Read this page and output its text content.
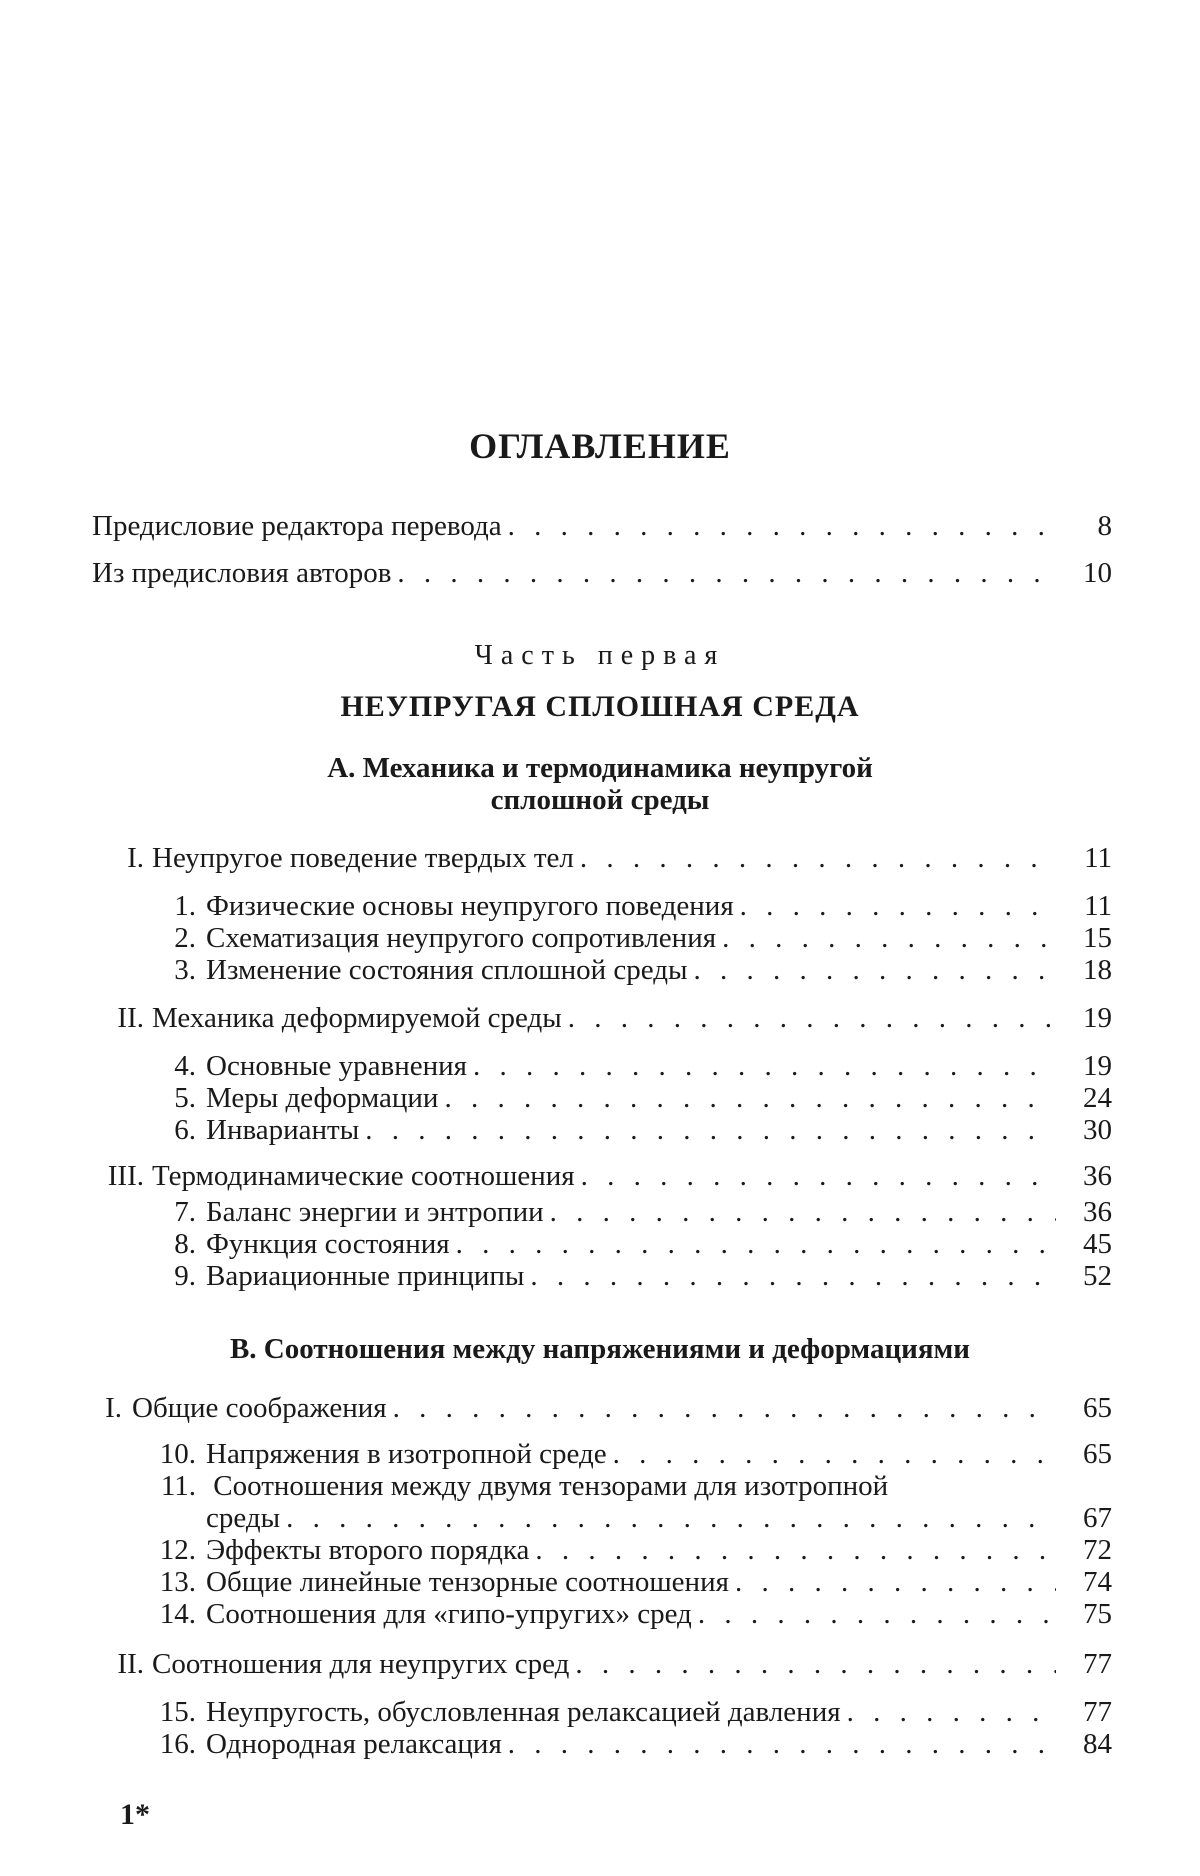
ОГЛАВЛЕНИЕ
Предисловие редактора перевода . . .	8
Из предисловия авторов . . .	10
Часть первая
НЕУПРУГАЯ СПЛОШНАЯ СРЕДА
А. Механика и термодинамика неупругой
сплошной среды
I. Неупругое поведение твердых тел . . .	11
1. Физические основы неупругого поведения . . .	11
2. Схематизация неупругого сопротивления . . .	15
3. Изменение состояния сплошной среды . . .	18
II. Механика деформируемой среды . . .	19
4. Основные уравнения . . .	19
5. Меры деформации . . .	24
6. Инварианты . . .	30
III. Термодинамические соотношения . . .	36
7. Баланс энергии и энтропии . . .	36
8. Функция состояния . . .	45
9. Вариационные принципы . . .	52
В. Соотношения между напряжениями и деформациями
I. Общие соображения . . .	65
10. Напряжения в изотропной среде . . .	65
11. Соотношения между двумя тензорами для изотропной
среды . . .	67
12. Эффекты второго порядка . . .	72
13. Общие линейные тензорные соотношения . . .	74
14. Соотношения для «гипо-упругих» сред . . .	75
II. Соотношения для неупругих сред . . .	77
15. Неупругость, обусловленная релаксацией давления . . .	77
16. Однородная релаксация . . .	84
1*
